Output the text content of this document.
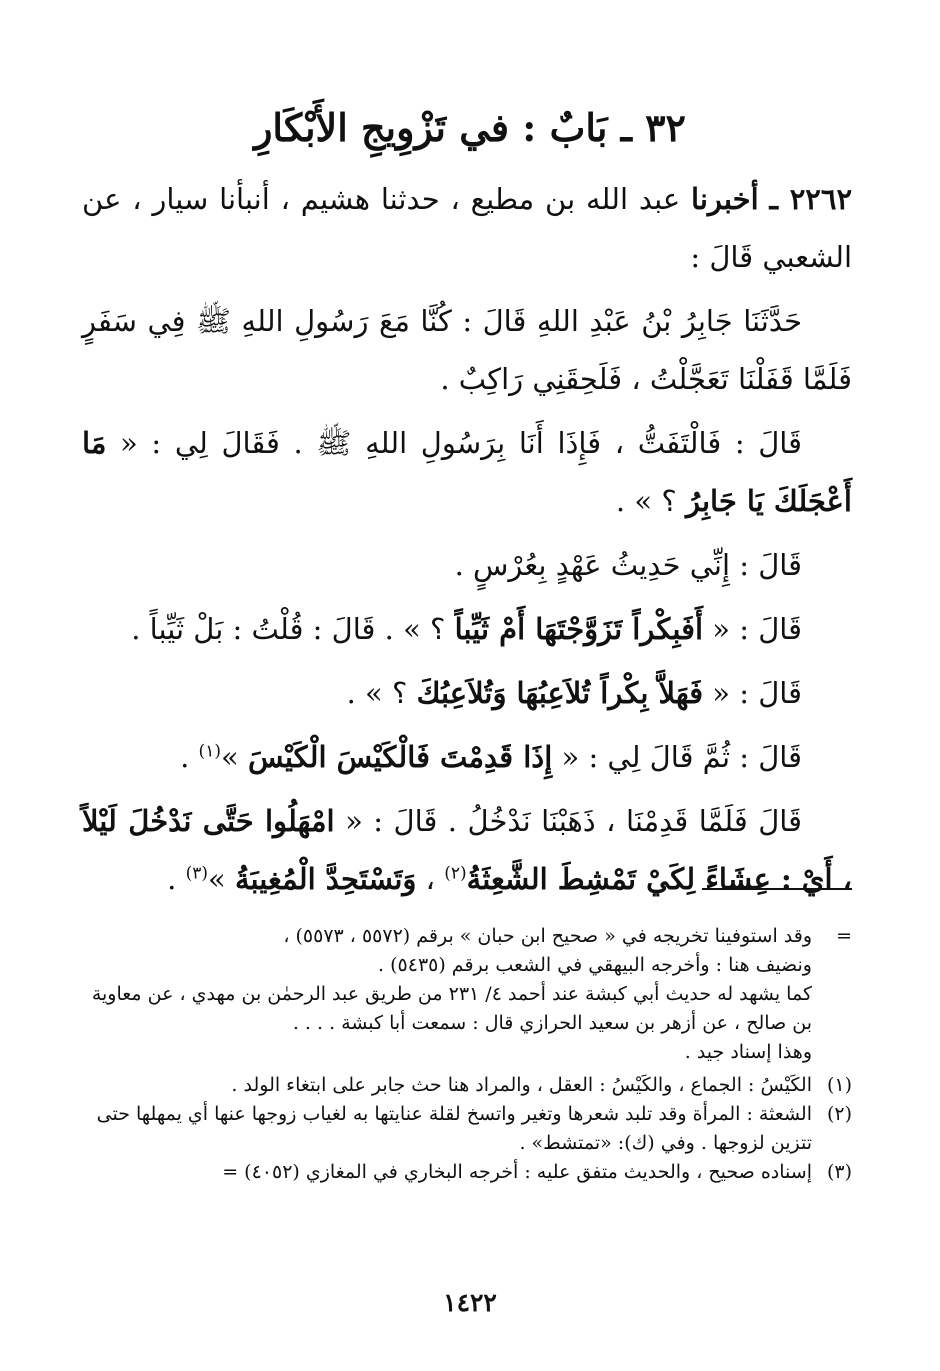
٣٢ ـ بَابٌ : في تَزْوِيجِ الأَبْكَارِ

٢٢٦٢ ـ أخبرنا عبد الله بن مطيع ، حدثنا هشيم ، أنبأنا سيار ، عن الشعبي قَالَ :

حَدَّثَنَا جَابِرُ بْنُ عَبْدِ اللهِ قَالَ : كُنَّا مَعَ رَسُولِ اللهِ ﷺ فِي سَفَرٍ فَلَمَّا قَفَلْنَا تَعَجَّلْتُ ، فَلَحِقَنِي رَاكِبٌ .

قَالَ : فَالْتَفَتُّ ، فَإِذَا أَنَا بِرَسُولِ اللهِ ﷺ . فَقَالَ لِي : « مَا أَعْجَلَكَ يَا جَابِرُ ؟ » .

قَالَ : إِنِّي حَدِيثُ عَهْدٍ بِعُرْسٍ .

قَالَ : « أَفَبِكْراً تَزَوَّجْتَهَا أَمْ ثَيِّباً ؟ » . قَالَ : قُلْتُ : بَلْ ثَيِّباً .

قَالَ : « فَهَلاَّ بِكْراً تُلاَعِبُهَا وَتُلاَعِبُكَ ؟ » .

قَالَ : ثُمَّ قَالَ لِي : « إِذَا قَدِمْتَ فَالْكَيْسَ الْكَيْسَ »$^{(١)}$ .

قَالَ فَلَمَّا قَدِمْنَا ، ذَهَبْنَا نَدْخُلُ . قَالَ : « امْهَلُوا حَتَّى نَدْخُلَ لَيْلاً ، أَيْ : عِشَاءً لِكَيْ تَمْشِطَ الشَّعِثَةُ$^{(٢)}$ ، وَتَسْتَحِدَّ الْمُغِيبَةُ »$^{(٣)}$ .

=
وقد استوفينا تخريجه في « صحيح ابن حبان » برقم (٥٥٧٢ ، ٥٥٧٣) ،

ونضيف هنا : وأخرجه البيهقي في الشعب برقم (٥٤٣٥) .

كما يشهد له حديث أبي كبشة عند أحمد ٤/ ٢٣١ من طريق عبد الرحمٰن بن مهدي ، عن معاوية بن صالح ، عن أزهر بن سعيد الحرازي قال : سمعت أبا كبشة . . . .

وهذا إسناد جيد .

(١)
الكَيْسُ : الجماع ، والكَيْسُ : العقل ، والمراد هنا حث جابر على ابتغاء الولد .

(٢)
الشعثة : المرأة وقد تلبد شعرها وتغير واتسخ لقلة عنايتها به لغياب زوجها عنها أي يمهلها حتى تتزين لزوجها . وفي (ك): «تمتشط» .

(٣)
إسناده صحيح ، والحديث متفق عليه : أخرجه البخاري في المغازي (٤٠٥٢) =

١٤٢٢
